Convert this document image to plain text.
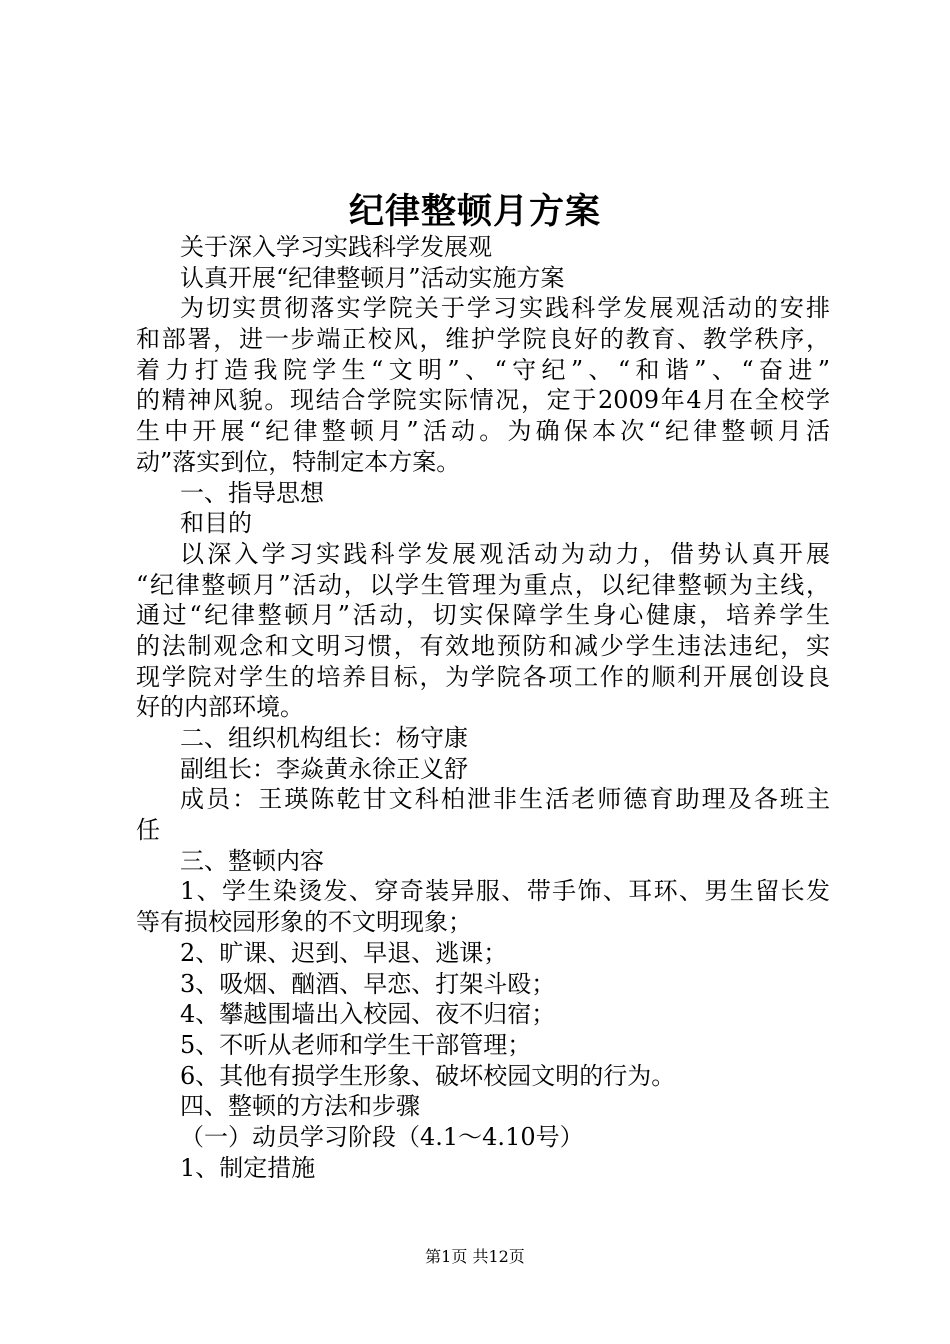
纪律整顿月方案
关于深入学习实践科学发展观
认真开展“纪律整顿月”活动实施方案
为切实贯彻落实学院关于学习实践科学发展观活动的安排
和部署，进一步端正校风，维护学院良好的教育、教学秩序，
着力打造我院学生“文明”、“守纪”、“和谐”、“奋进”
的精神风貌。现结合学院实际情况，定于2009年4月在全校学
生中开展“纪律整顿月”活动。为确保本次“纪律整顿月活
动”落实到位，特制定本方案。
一、指导思想
和目的
以深入学习实践科学发展观活动为动力，借势认真开展
“纪律整顿月”活动，以学生管理为重点，以纪律整顿为主线，
通过“纪律整顿月”活动，切实保障学生身心健康，培养学生
的法制观念和文明习惯，有效地预防和减少学生违法违纪，实
现学院对学生的培养目标，为学院各项工作的顺利开展创设良
好的内部环境。
二、组织机构组长：杨守康
副组长：李焱黄永徐正义舒
成员：王瑛陈乾甘文科柏泄非生活老师德育助理及各班主
任
三、整顿内容
1、学生染烫发、穿奇装异服、带手饰、耳环、男生留长发
等有损校园形象的不文明现象；
2、旷课、迟到、早退、逃课；
3、吸烟、酗酒、早恋、打架斗殴；
4、攀越围墙出入校园、夜不归宿；
5、不听从老师和学生干部管理；
6、其他有损学生形象、破坏校园文明的行为。
四、整顿的方法和步骤
（一）动员学习阶段（4.1～4.10号）
1、制定措施
第1页 共12页
